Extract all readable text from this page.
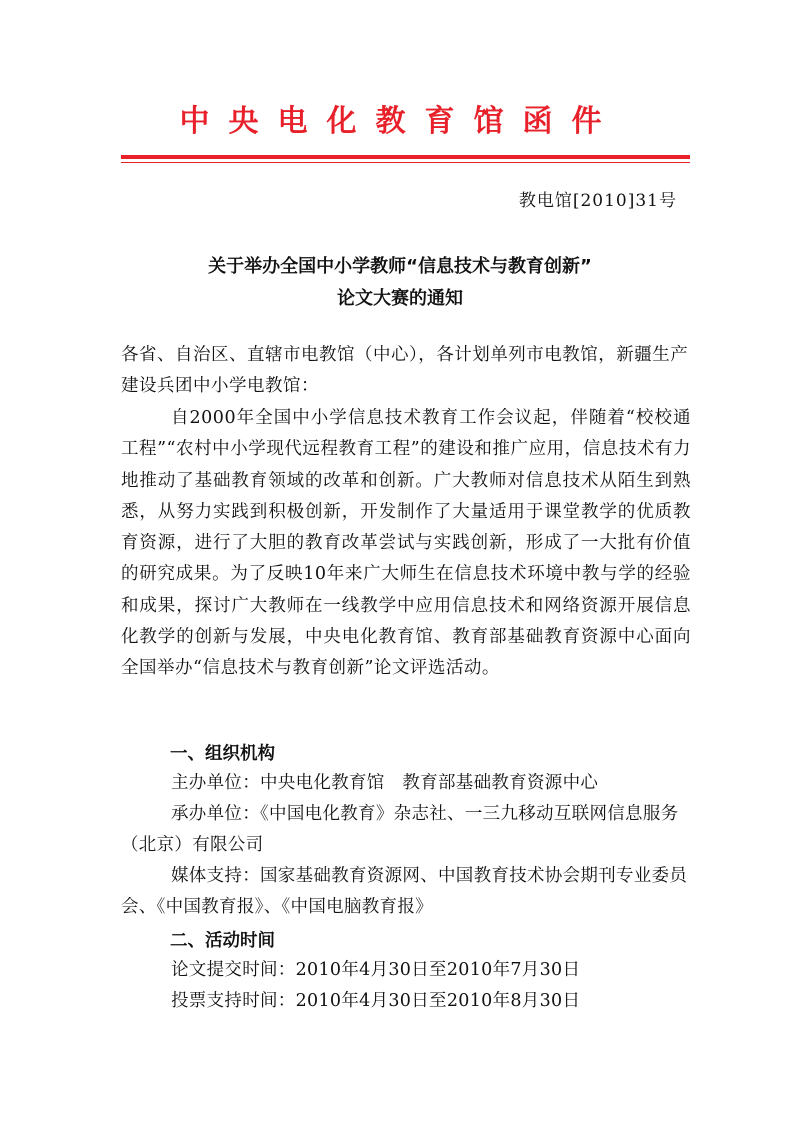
中央电化教育馆函件
教电馆[2010]31号
关于举办全国中小学教师“信息技术与教育创新”
论文大赛的通知
各省、自治区、直辖市电教馆（中心），各计划单列市电教馆，新疆生产建设兵团中小学电教馆：
自2000年全国中小学信息技术教育工作会议起，伴随着“校校通工程”“农村中小学现代远程教育工程”的建设和推广应用，信息技术有力地推动了基础教育领域的改革和创新。广大教师对信息技术从陌生到熟悉，从努力实践到积极创新，开发制作了大量适用于课堂教学的优质教育资源，进行了大胆的教育改革尝试与实践创新，形成了一大批有价值的研究成果。为了反映10年来广大师生在信息技术环境中教与学的经验和成果，探讨广大教师在一线教学中应用信息技术和网络资源开展信息化教学的创新与发展，中央电化教育馆、教育部基础教育资源中心面向全国举办“信息技术与教育创新”论文评选活动。
一、组织机构
主办单位：中央电化教育馆　教育部基础教育资源中心
承办单位：《中国电化教育》杂志社、一三九移动互联网信息服务（北京）有限公司
媒体支持：国家基础教育资源网、中国教育技术协会期刊专业委员会、《中国教育报》、《中国电脑教育报》
二、活动时间
论文提交时间：2010年4月30日至2010年7月30日
投票支持时间：2010年4月30日至2010年8月30日
